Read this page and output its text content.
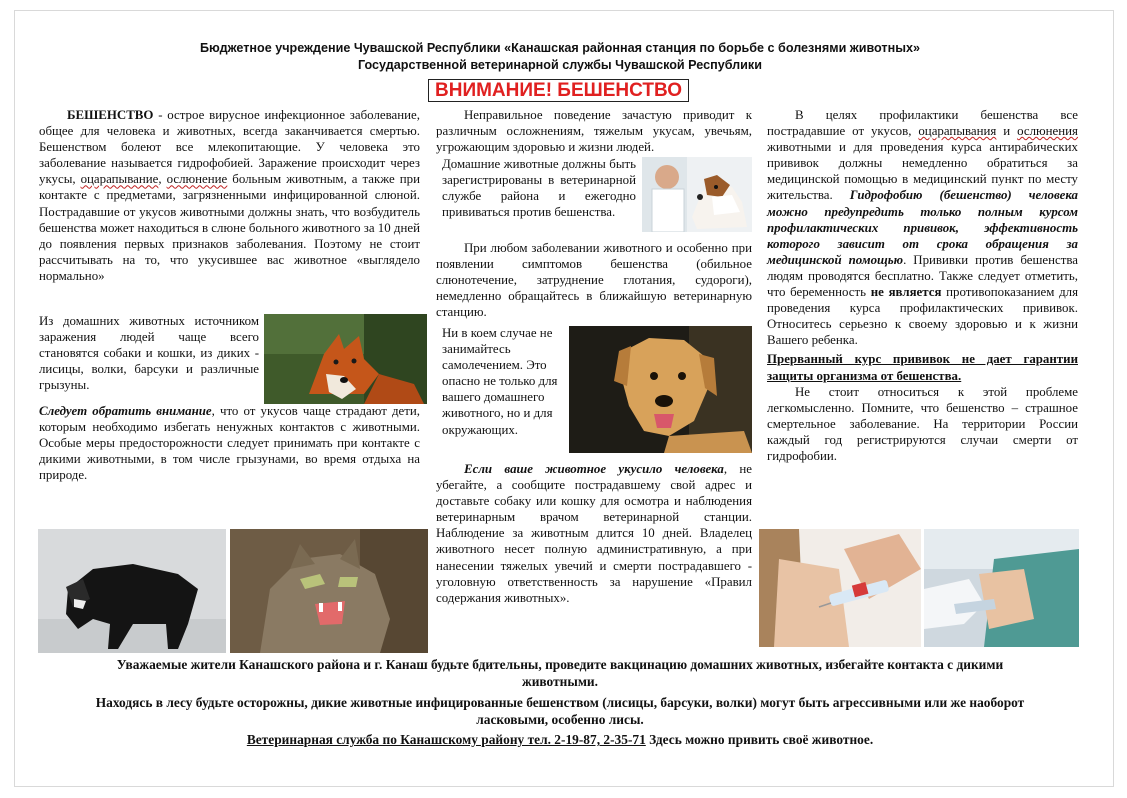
Бюджетное учреждение Чувашской Республики «Канашская районная станция по борьбе с болезнями животных»
Государственной ветеринарной службы Чувашской Республики
ВНИМАНИЕ! БЕШЕНСТВО

БЕШЕНСТВО - острое вирусное инфекционное заболевание, общее для человека и животных, всегда заканчивается смертью. Бешенством болеют все млекопитающие. У человека это заболевание называется гидрофобией. Заражение происходит через укусы, оцарапывание, ослюнение больным животным, а также при контакте с предметами, загрязненными инфицированной слюной. Пострадавшие от укусов животными должны знать, что возбудитель бешенства может находиться в слюне больного животного за 10 дней до появления первых признаков заболевания. Поэтому не стоит рассчитывать на то, что укусившее вас животное «выглядело нормально»

Из домашних животных источником заражения людей чаще всего становятся собаки и кошки, из диких - лисицы, волки, барсуки и различные грызуны.

Следует обратить внимание, что от укусов чаще страдают дети, которым необходимо избегать ненужных контактов с животными. Особые меры предосторожности следует принимать при контакте с дикими животными, в том числе грызунами, во время отдыха на природе.

Неправильное поведение зачастую приводит к различным осложнениям, тяжелым укусам, увечьям, угрожающим здоровью и жизни людей.

Домашние животные должны быть зарегистрированы в ветеринарной службе района и ежегодно прививаться против бешенства.

При любом заболевании животного и особенно при появлении симптомов бешенства (обильное слюнотечение, затруднение глотания, судороги), немедленно обращайтесь в ближайшую ветеринарную станцию.

Ни в коем случае не занимайтесь самолечением. Это опасно не только для вашего домашнего животного, но и для окружающих.

Если ваше животное укусило человека, не убегайте, а сообщите пострадавшему свой адрес и доставьте собаку или кошку для осмотра и наблюдения ветеринарным врачом ветеринарной станции. Наблюдение за животным длится 10 дней. Владелец животного несет полную административную, а при нанесении тяжелых увечий и смерти пострадавшего - уголовную ответственность за нарушение «Правил содержания животных».

В целях профилактики бешенства все пострадавшие от укусов, оцарапывания и ослюнения животными и для проведения курса антирабических прививок должны немедленно обратиться за медицинской помощью в медицинский пункт по месту жительства. Гидрофобию (бешенство) человека можно предупредить только полным курсом профилактических прививок, эффективность которого зависит от срока обращения за медицинской помощью. Прививки против бешенства людям проводятся бесплатно. Также следует отметить, что беременность не является противопоказанием для проведения курса профилактических прививок. Относитесь серьезно к своему здоровью и к жизни Вашего ребенка.

Прерванный курс прививок не дает гарантии защиты организма от бешенства.

Не стоит относиться к этой проблеме легкомысленно. Помните, что бешенство – страшное смертельное заболевание. На территории России каждый год регистрируются случаи смерти от гидрофобии.

Уважаемые жители Канашского района и г. Канаш будьте бдительны, проведите вакцинацию домашних животных, избегайте контакта с дикими животными.
Находясь в лесу будьте осторожны, дикие животные инфицированные бешенством (лисицы, барсуки, волки) могут быть агрессивными или же наоборот ласковыми, особенно лисы.
Ветеринарная служба по Канашскому району тел. 2-19-87, 2-35-71 Здесь можно привить своё животное.
